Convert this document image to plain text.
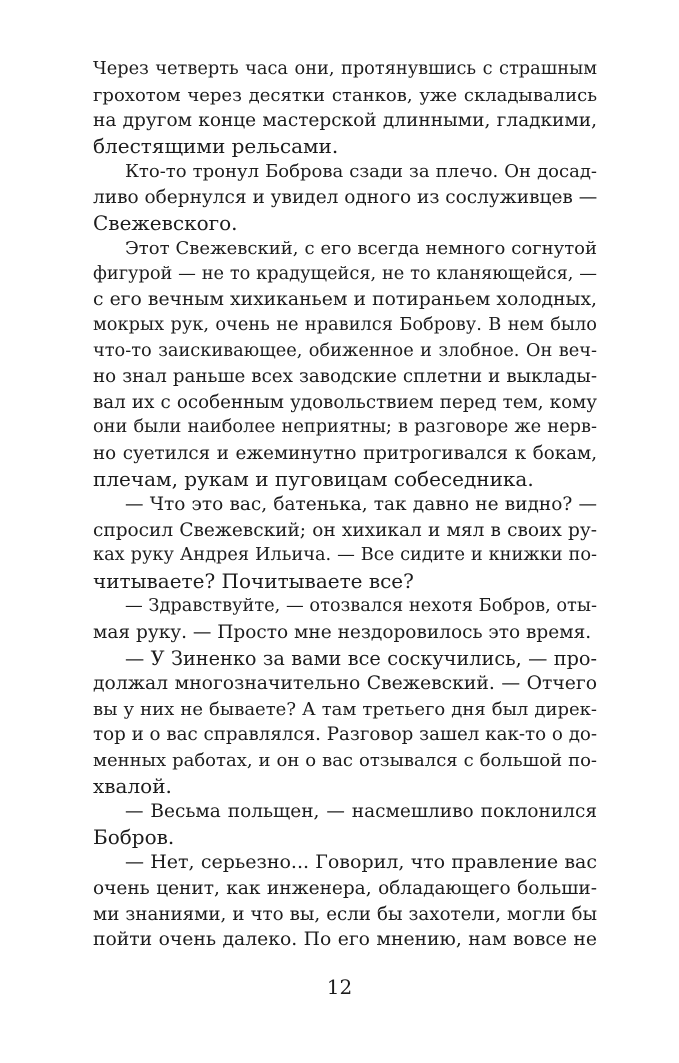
Через четверть часа они, протянувшись с страшным
грохотом через десятки станков, уже складывались
на другом конце мастерской длинными, гладкими,
блестящими рельсами.
Кто-то тронул Боброва сзади за плечо. Он досад-
ливо обернулся и увидел одного из сослуживцев —
Свежевского.
Этот Свежевский, с его всегда немного согнутой
фигурой — не то крадущейся, не то кланяющейся, —
с его вечным хихиканьем и потираньем холодных,
мокрых рук, очень не нравился Боброву. В нем было
что-то заискивающее, обиженное и злобное. Он веч-
но знал раньше всех заводские сплетни и выклады-
вал их с особенным удовольствием перед тем, кому
они были наиболее неприятны; в разговоре же нерв-
но суетился и ежеминутно притрогивался к бокам,
плечам, рукам и пуговицам собеседника.
— Что это вас, батенька, так давно не видно? —
спросил Свежевский; он хихикал и мял в своих ру-
ках руку Андрея Ильича. — Все сидите и книжки по-
читываете? Почитываете все?
— Здравствуйте, — отозвался нехотя Бобров, оты-
мая руку. — Просто мне нездоровилось это время.
— У Зиненко за вами все соскучились, — про-
должал многозначительно Свежевский. — Отчего
вы у них не бываете? А там третьего дня был дирек-
тор и о вас справлялся. Разговор зашел как-то о до-
менных работах, и он о вас отзывался с большой по-
хвалой.
— Весьма польщен, — насмешливо поклонился
Бобров.
— Нет, серьезно... Говорил, что правление вас
очень ценит, как инженера, обладающего больши-
ми знаниями, и что вы, если бы захотели, могли бы
пойти очень далеко. По его мнению, нам вовсе не
12
